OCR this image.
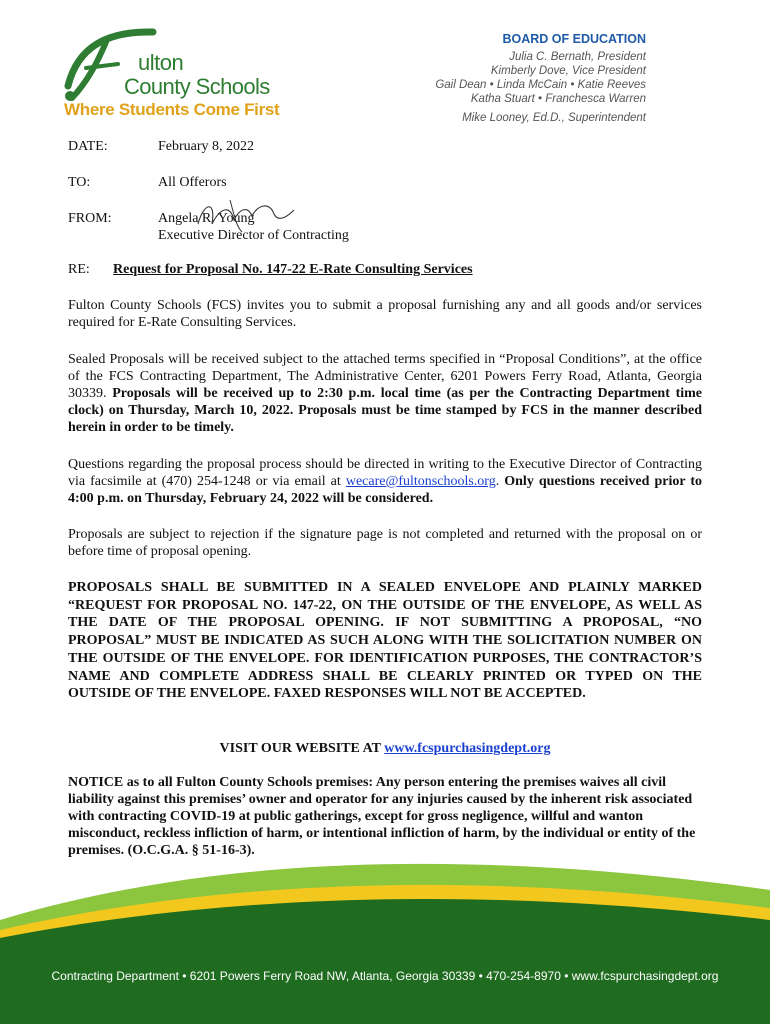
ulton
County Schools
Where Students Come First
BOARD OF EDUCATION
Julia C. Bernath, President
Kimberly Dove, Vice President
Gail Dean • Linda McCain • Katie Reeves
Katha Stuart • Franchesca Warren
Mike Looney, Ed.D., Superintendent
DATE:	February 8, 2022
TO:	All Offerors
FROM:	Angela R. Young
Executive Director of Contracting
RE:	Request for Proposal No. 147-22 E-Rate Consulting Services

Fulton County Schools (FCS) invites you to submit a proposal furnishing any and all goods and/or services required for E-Rate Consulting Services.

Sealed Proposals will be received subject to the attached terms specified in “Proposal Conditions”, at the office of the FCS Contracting Department, The Administrative Center, 6201 Powers Ferry Road, Atlanta, Georgia 30339. Proposals will be received up to 2:30 p.m. local time (as per the Contracting Department time clock) on Thursday, March 10, 2022. Proposals must be time stamped by FCS in the manner described herein in order to be timely.

Questions regarding the proposal process should be directed in writing to the Executive Director of Contracting via facsimile at (470) 254-1248 or via email at wecare@fultonschools.org. Only questions received prior to 4:00 p.m. on Thursday, February 24, 2022 will be considered.

Proposals are subject to rejection if the signature page is not completed and returned with the proposal on or before time of proposal opening.

PROPOSALS SHALL BE SUBMITTED IN A SEALED ENVELOPE AND PLAINLY MARKED “REQUEST FOR PROPOSAL NO. 147-22, ON THE OUTSIDE OF THE ENVELOPE, AS WELL AS THE DATE OF THE PROPOSAL OPENING. IF NOT SUBMITTING A PROPOSAL, “NO PROPOSAL” MUST BE INDICATED AS SUCH ALONG WITH THE SOLICITATION NUMBER ON THE OUTSIDE OF THE ENVELOPE. FOR IDENTIFICATION PURPOSES, THE CONTRACTOR’S NAME AND COMPLETE ADDRESS SHALL BE CLEARLY PRINTED OR TYPED ON THE OUTSIDE OF THE ENVELOPE. FAXED RESPONSES WILL NOT BE ACCEPTED.

VISIT OUR WEBSITE AT www.fcspurchasingdept.org

NOTICE as to all Fulton County Schools premises: Any person entering the premises waives all civil liability against this premises’ owner and operator for any injuries caused by the inherent risk associated with contracting COVID-19 at public gatherings, except for gross negligence, willful and wanton misconduct, reckless infliction of harm, or intentional infliction of harm, by the individual or entity of the premises. (O.C.G.A. § 51-16-3).

Contracting Department • 6201 Powers Ferry Road NW, Atlanta, Georgia 30339 • 470-254-8970 • www.fcspurchasingdept.org
